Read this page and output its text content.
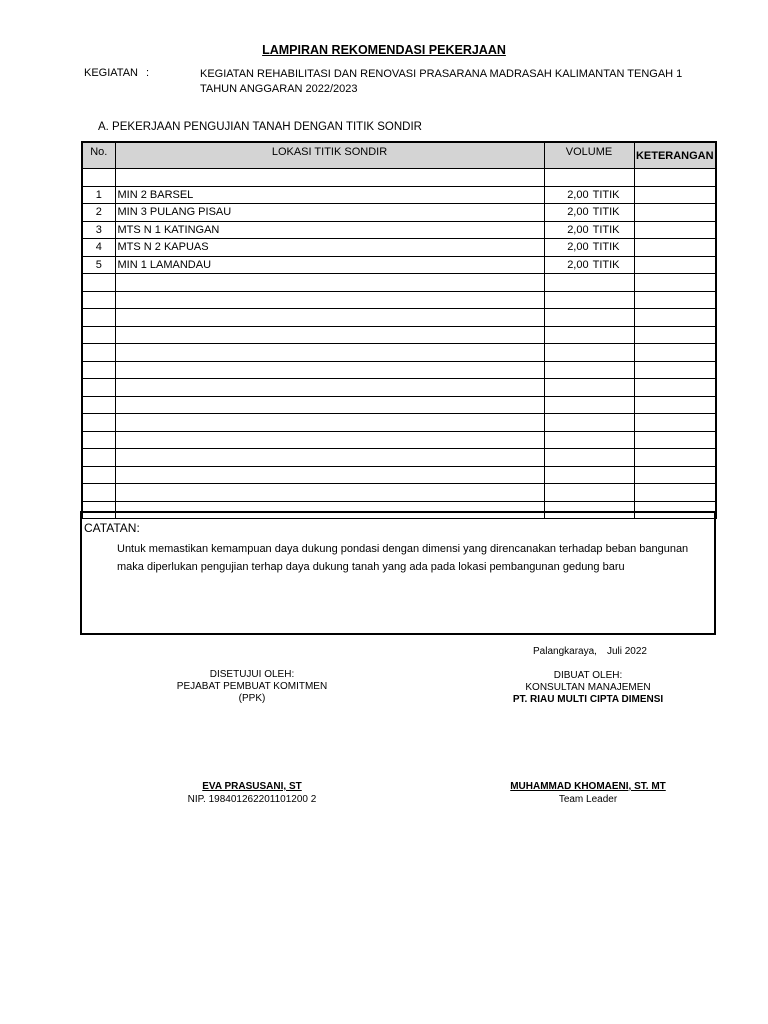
LAMPIRAN REKOMENDASI PEKERJAAN
KEGIATAN :	KEGIATAN REHABILITASI DAN RENOVASI PRASARANA MADRASAH KALIMANTAN TENGAH 1 TAHUN ANGGARAN 2022/2023
A. PEKERJAAN PENGUJIAN TANAH DENGAN TITIK SONDIR
No.	LOKASI TITIK SONDIR	VOLUME	KETERANGAN

1	MIN 2 BARSEL	2,00 TITIK	
2	MIN 3 PULANG PISAU	2,00 TITIK	
3	MTS N 1 KATINGAN	2,00 TITIK	
4	MTS N 2 KAPUAS	2,00 TITIK	
5	MIN 1 LAMANDAU	2,00 TITIK	

CATATAN:
Untuk memastikan kemampuan daya dukung pondasi dengan dimensi yang direncanakan terhadap beban bangunan
maka diperlukan pengujian terhap daya dukung tanah yang ada pada lokasi pembangunan gedung baru
Palangkaraya, Juli 2022
DISETUJUI OLEH:
PEJABAT PEMBUAT KOMITMEN
(PPK)
DIBUAT OLEH:
KONSULTAN MANAJEMEN
PT. RIAU MULTI CIPTA DIMENSI
EVA PRASUSANI, ST
NIP. 198401262201101200 2
MUHAMMAD KHOMAENI, ST. MT
Team Leader
